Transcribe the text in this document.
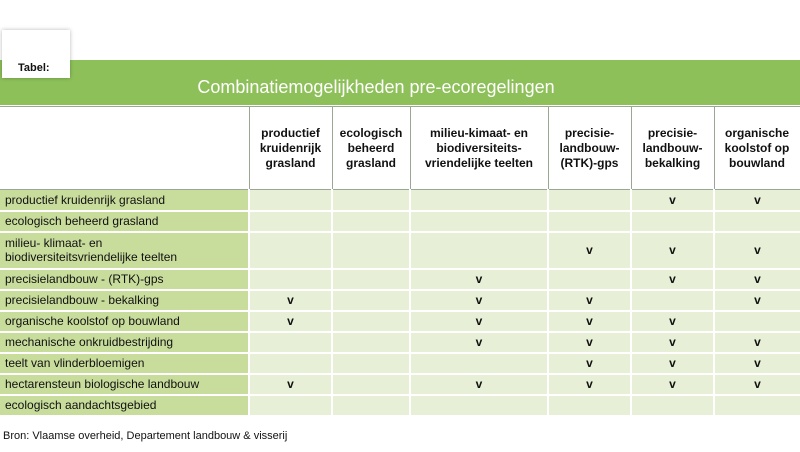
Tabel:
Combinatiemogelijkheden pre-ecoregelingen

	productief
kruidenrijk
grasland	ecologisch
beheerd
grasland	milieu-kimaat- en
biodiversiteits-
vriendelijke teelten	precisie-
landbouw-
(RTK)-gps	precisie-
landbouw-
bekalking	organische
koolstof op
bouwland

productief kruidenrijk grasland					v	v
ecologisch beheerd grasland						
milieu- klimaat- en
biodiversiteitsvriendelijke teelten				v	v	v
precisielandbouw - (RTK)-gps			v		v	v
precisielandbouw - bekalking	v		v	v		v
organische koolstof op bouwland	v		v	v	v	
mechanische onkruidbestrijding			v	v	v	v
teelt van vlinderbloemigen				v	v	v
hectarensteun biologische landbouw	v		v	v	v	v
ecologisch aandachtsgebied						
Bron: Vlaamse overheid, Departement landbouw & visserij
